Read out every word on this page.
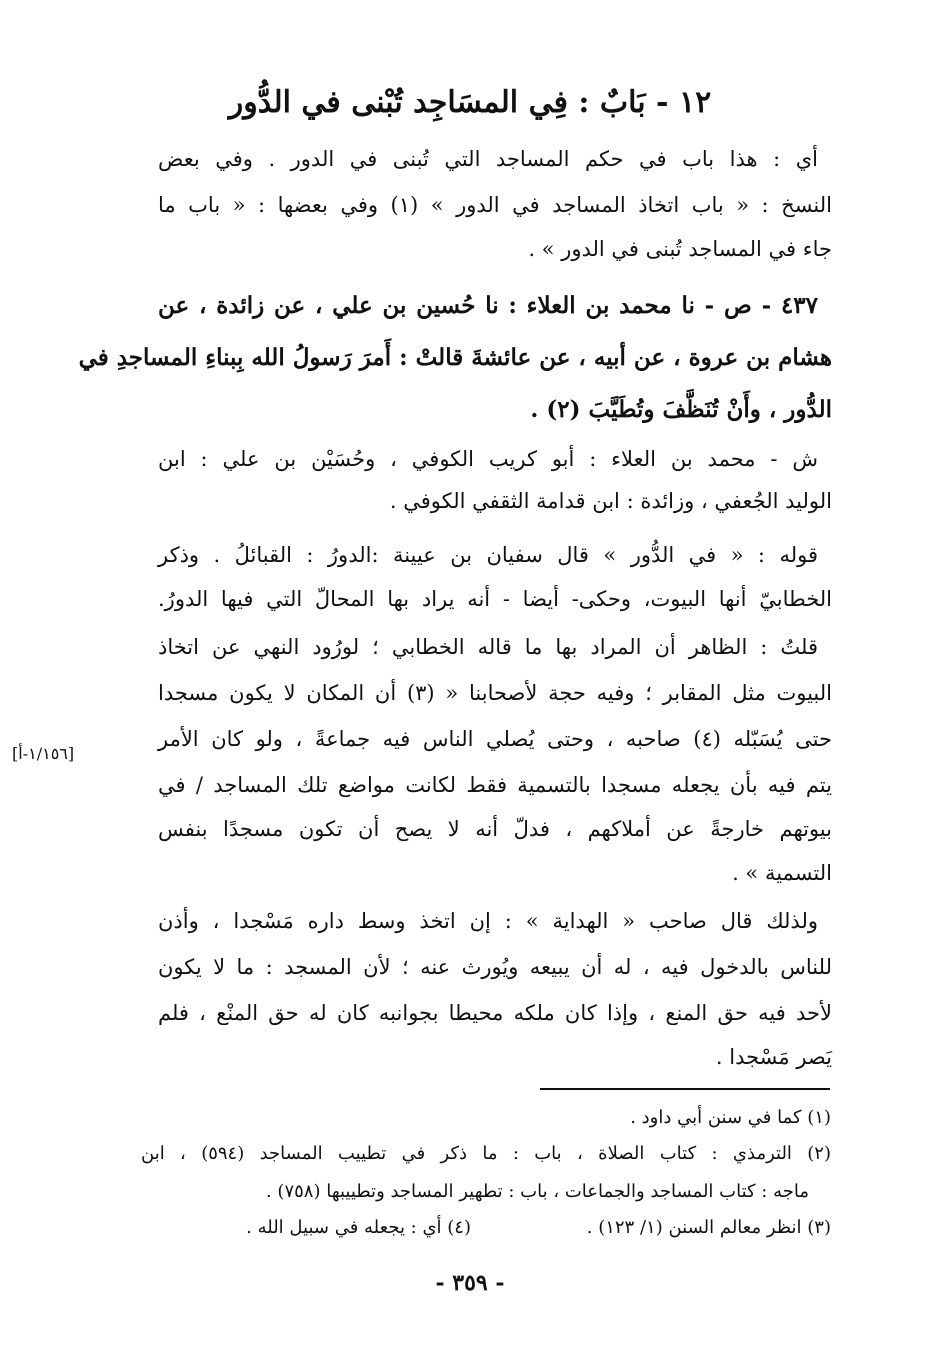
١٢ - بَابٌ : فِي المسَاجِد تُبْنى في الدُّور
أي : هذا باب في حكم المساجد التي تُبنى في الدور . وفي بعض
النسخ : « باب اتخاذ المساجد في الدور » (١) وفي بعضها : « باب ما
جاء في المساجد تُبنى في الدور » .
٤٣٧ - ص - نا محمد بن العلاء : نا حُسين بن علي ، عن زائدة ، عن
هشام بن عروة ، عن أبيه ، عن عائشةَ قالتْ : أَمرَ رَسولُ الله بِبناءِ المساجدِ في
الدُّور ، وأَنْ تُنَظَّفَ وتُطَيَّبَ (٢) .
ش - محمد بن العلاء : أبو كريب الكوفي ، وحُسَيْن بن علي : ابن
الوليد الجُعفي ، وزائدة : ابن قدامة الثقفي الكوفي .
قوله : « في الدُّور » قال سفيان بن عيينة :الدورُ : القبائلُ . وذكر
الخطابيّ أنها البيوت، وحكى- أيضا - أنه يراد بها المحالّ التي فيها الدورُ.
قلتُ : الظاهر أن المراد بها ما قاله الخطابي ؛ لورُود النهي عن اتخاذ
البيوت مثل المقابر ؛ وفيه حجة لأصحابنا « (٣) أن المكان لا يكون مسجدا
حتى يُسَبّله (٤) صاحبه ، وحتى يُصلي الناس فيه جماعةً ، ولو كان الأمر
يتم فيه بأن يجعله مسجدا بالتسمية فقط لكانت مواضع تلك المساجد / في
بيوتهم خارجةً عن أملاكهم ، فدلّ أنه لا يصح أن تكون مسجدًا بنفس
التسمية » .
[١/١٥٦-أ]
ولذلك قال صاحب « الهداية » : إن اتخذ وسط داره مَسْجدا ، وأذن
للناس بالدخول فيه ، له أن يبيعه ويُورث عنه ؛ لأن المسجد : ما لا يكون
لأحد فيه حق المنع ، وإذا كان ملكه محيطا بجوانبه كان له حق المنْع ، فلم
يَصر مَسْجدا .
(١) كما في سنن أبي داود .
(٢) الترمذي : كتاب الصلاة ، باب : ما ذكر في تطييب المساجد (٥٩٤) ، ابن
ماجه : كتاب المساجد والجماعات ، باب : تطهير المساجد وتطييبها (٧٥٨) .
(٣) انظر معالم السنن (١/ ١٢٣) .
(٤) أي : يجعله في سبيل الله .
- ٣٥٩ -
